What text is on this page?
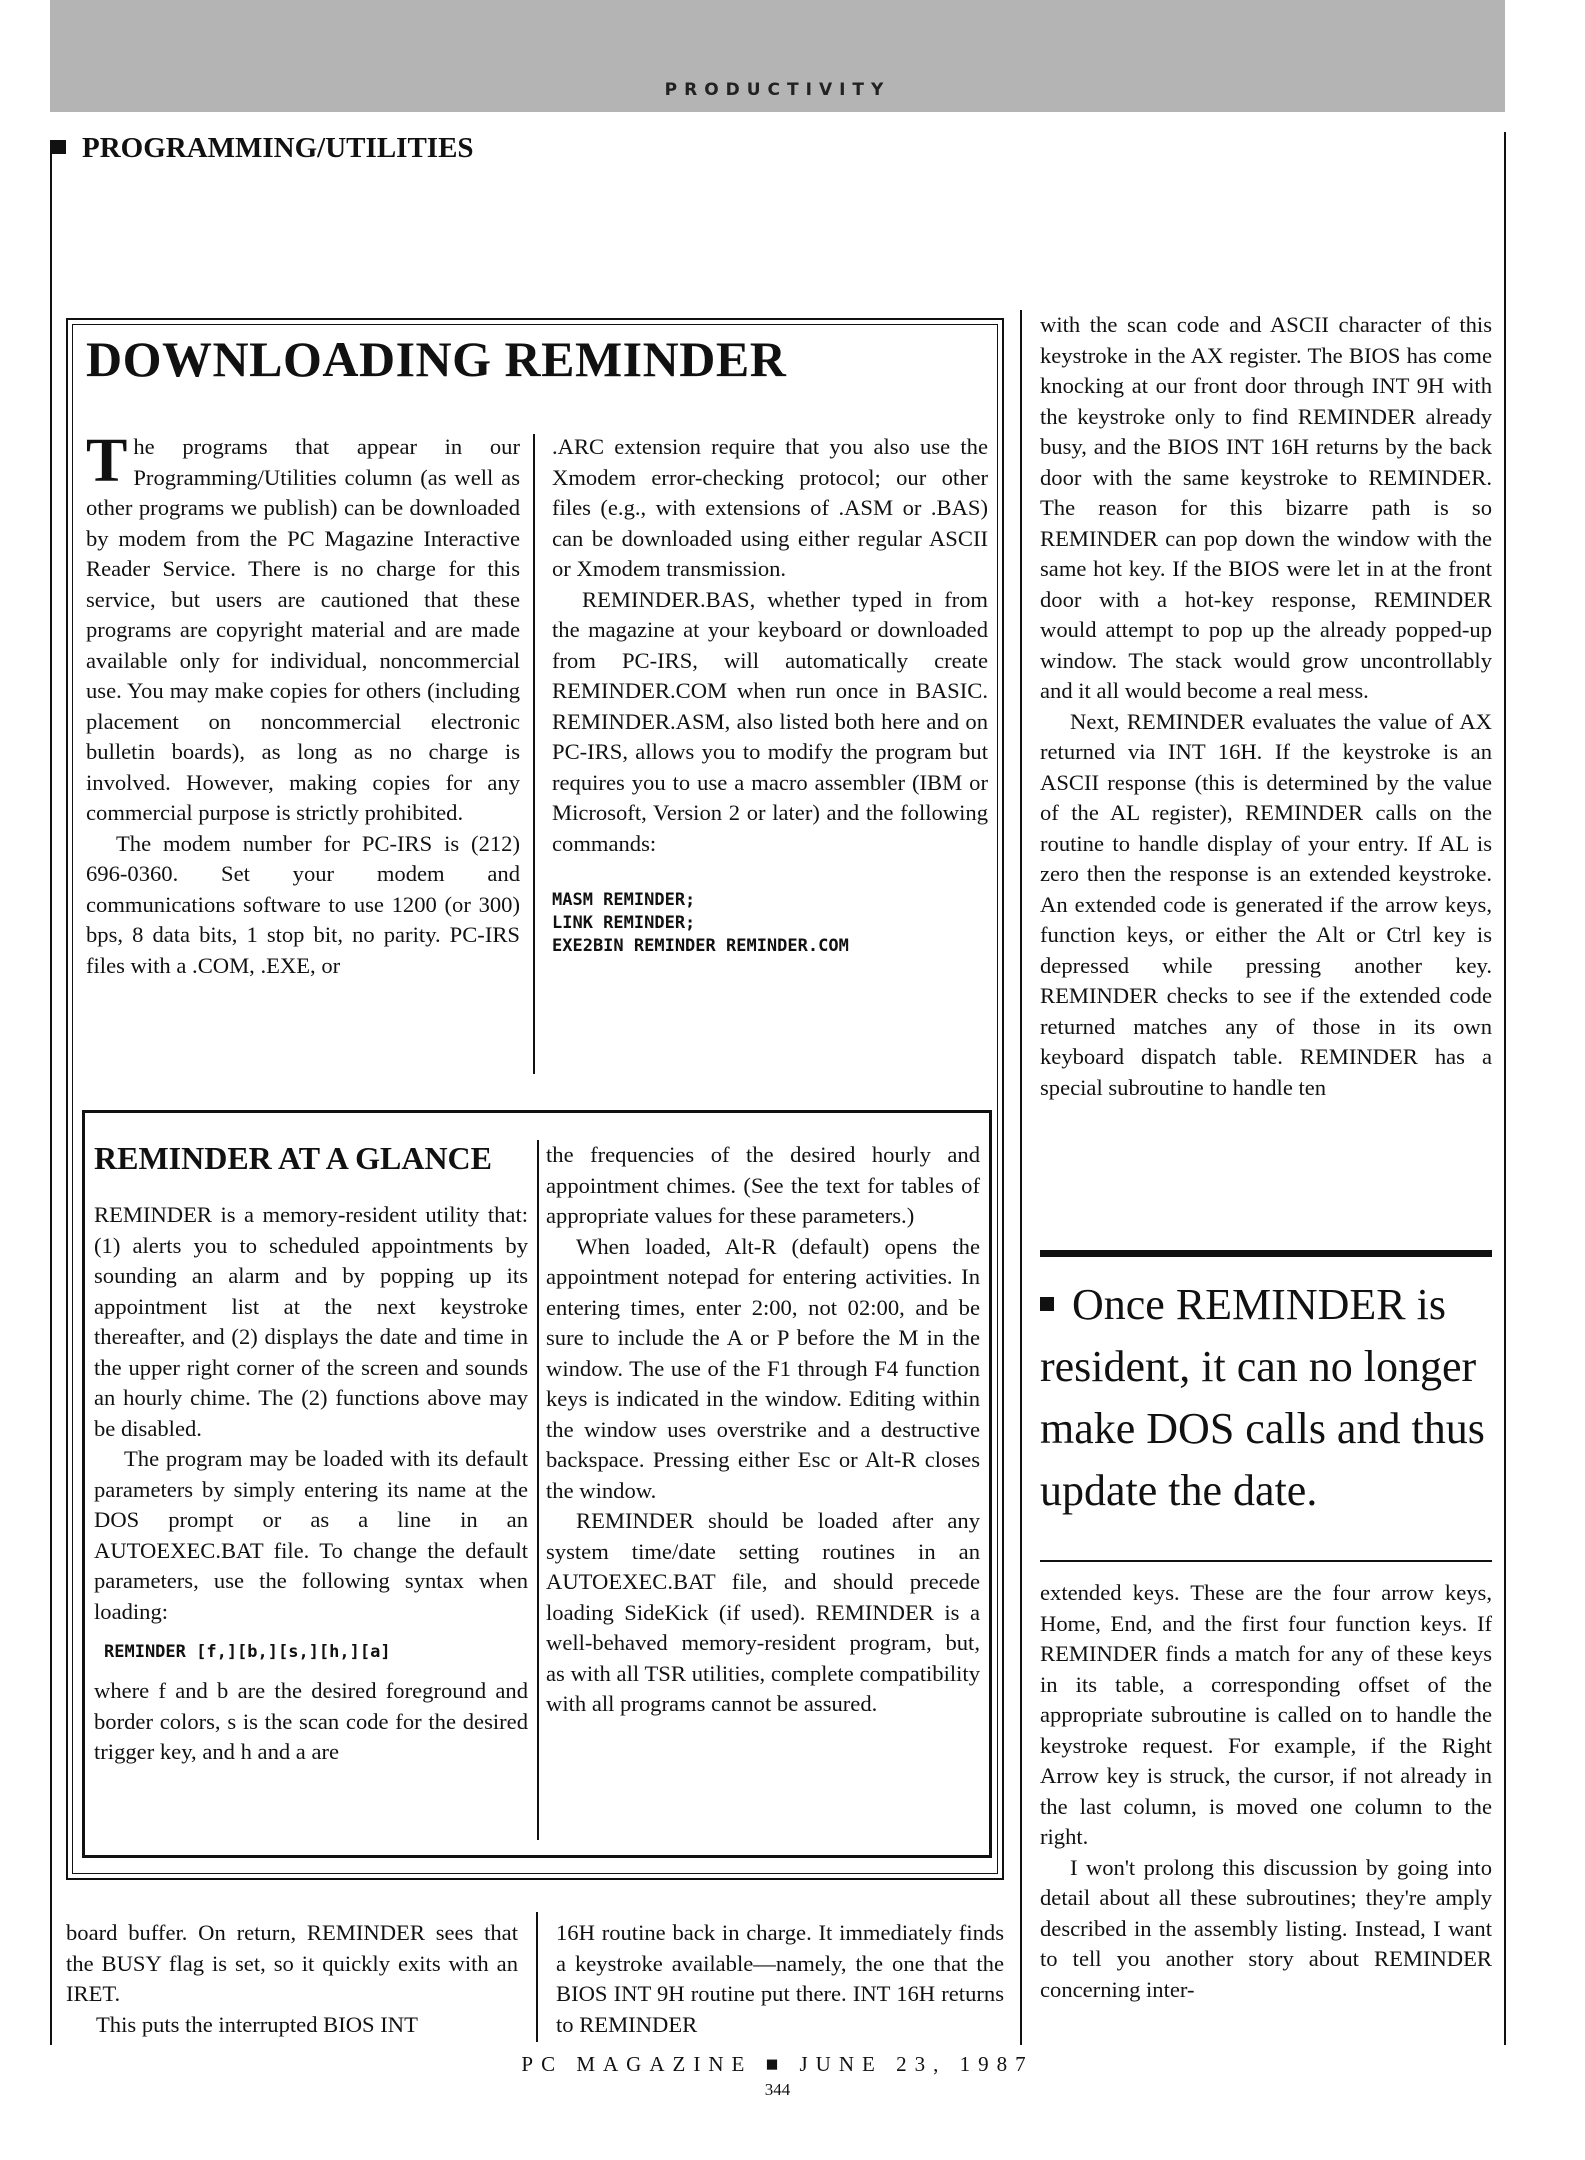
PRODUCTIVITY
PROGRAMMING/UTILITIES
DOWNLOADING REMINDER

The programs that appear in our Programming/Utilities column (as well as other programs we publish) can be downloaded by modem from the PC Magazine Interactive Reader Service. There is no charge for this service, but users are cautioned that these programs are copyright material and are made available only for individual, noncommercial use. You may make copies for others (including placement on noncommercial electronic bulletin boards), as long as no charge is involved. However, making copies for any commercial purpose is strictly prohibited.

The modem number for PC-IRS is (212) 696-0360. Set your modem and communications software to use 1200 (or 300) bps, 8 data bits, 1 stop bit, no parity. PC-IRS files with a .COM, .EXE, or

.ARC extension require that you also use the Xmodem error-checking protocol; our other files (e.g., with extensions of .ASM or .BAS) can be downloaded using either regular ASCII or Xmodem transmission.

REMINDER.BAS, whether typed in from the magazine at your keyboard or downloaded from PC-IRS, will automatically create REMINDER.COM when run once in BASIC. REMINDER.ASM, also listed both here and on PC-IRS, allows you to modify the program but requires you to use a macro assembler (IBM or Microsoft, Version 2 or later) and the following commands:

MASM REMINDER;
LINK REMINDER;
EXE2BIN REMINDER REMINDER.COM
REMINDER AT A GLANCE

REMINDER is a memory-resident utility that: (1) alerts you to scheduled appointments by sounding an alarm and by popping up its appointment list at the next keystroke thereafter, and (2) displays the date and time in the upper right corner of the screen and sounds an hourly chime. The (2) functions above may be disabled.

The program may be loaded with its default parameters by simply entering its name at the DOS prompt or as a line in an AUTOEXEC.BAT file. To change the default parameters, use the following syntax when loading:

REMINDER [f,][b,][s,][h,][a]

where f and b are the desired foreground and border colors, s is the scan code for the desired trigger key, and h and a are

the frequencies of the desired hourly and appointment chimes. (See the text for tables of appropriate values for these parameters.)

When loaded, Alt-R (default) opens the appointment notepad for entering activities. In entering times, enter 2:00, not 02:00, and be sure to include the A or P before the M in the window. The use of the F1 through F4 function keys is indicated in the window. Editing within the window uses overstrike and a destructive backspace. Pressing either Esc or Alt-R closes the window.

REMINDER should be loaded after any system time/date setting routines in an AUTOEXEC.BAT file, and should precede loading SideKick (if used). REMINDER is a well-behaved memory-resident program, but, as with all TSR utilities, complete compatibility with all programs cannot be assured.

with the scan code and ASCII character of this keystroke in the AX register. The BIOS has come knocking at our front door through INT 9H with the keystroke only to find REMINDER already busy, and the BIOS INT 16H returns by the back door with the same keystroke to REMINDER. The reason for this bizarre path is so REMINDER can pop down the window with the same hot key. If the BIOS were let in at the front door with a hot-key response, REMINDER would attempt to pop up the already popped-up window. The stack would grow uncontrollably and it all would become a real mess.

Next, REMINDER evaluates the value of AX returned via INT 16H. If the keystroke is an ASCII response (this is determined by the value of the AL register), REMINDER calls on the routine to handle display of your entry. If AL is zero then the response is an extended keystroke. An extended code is generated if the arrow keys, function keys, or either the Alt or Ctrl key is depressed while pressing another key. REMINDER checks to see if the extended code returned matches any of those in its own keyboard dispatch table. REMINDER has a special subroutine to handle ten

Once REMINDER is resident, it can no longer make DOS calls and thus update the date.

extended keys. These are the four arrow keys, Home, End, and the first four function keys. If REMINDER finds a match for any of these keys in its table, a corresponding offset of the appropriate subroutine is called on to handle the keystroke request. For example, if the Right Arrow key is struck, the cursor, if not already in the last column, is moved one column to the right.

I won't prolong this discussion by going into detail about all these subroutines; they're amply described in the assembly listing. Instead, I want to tell you another story about REMINDER concerning inter-

board buffer. On return, REMINDER sees that the BUSY flag is set, so it quickly exits with an IRET.

This puts the interrupted BIOS INT

16H routine back in charge. It immediately finds a keystroke available—namely, the one that the BIOS INT 9H routine put there. INT 16H returns to REMINDER

PC MAGAZINE ■ JUNE 23, 1987
344
